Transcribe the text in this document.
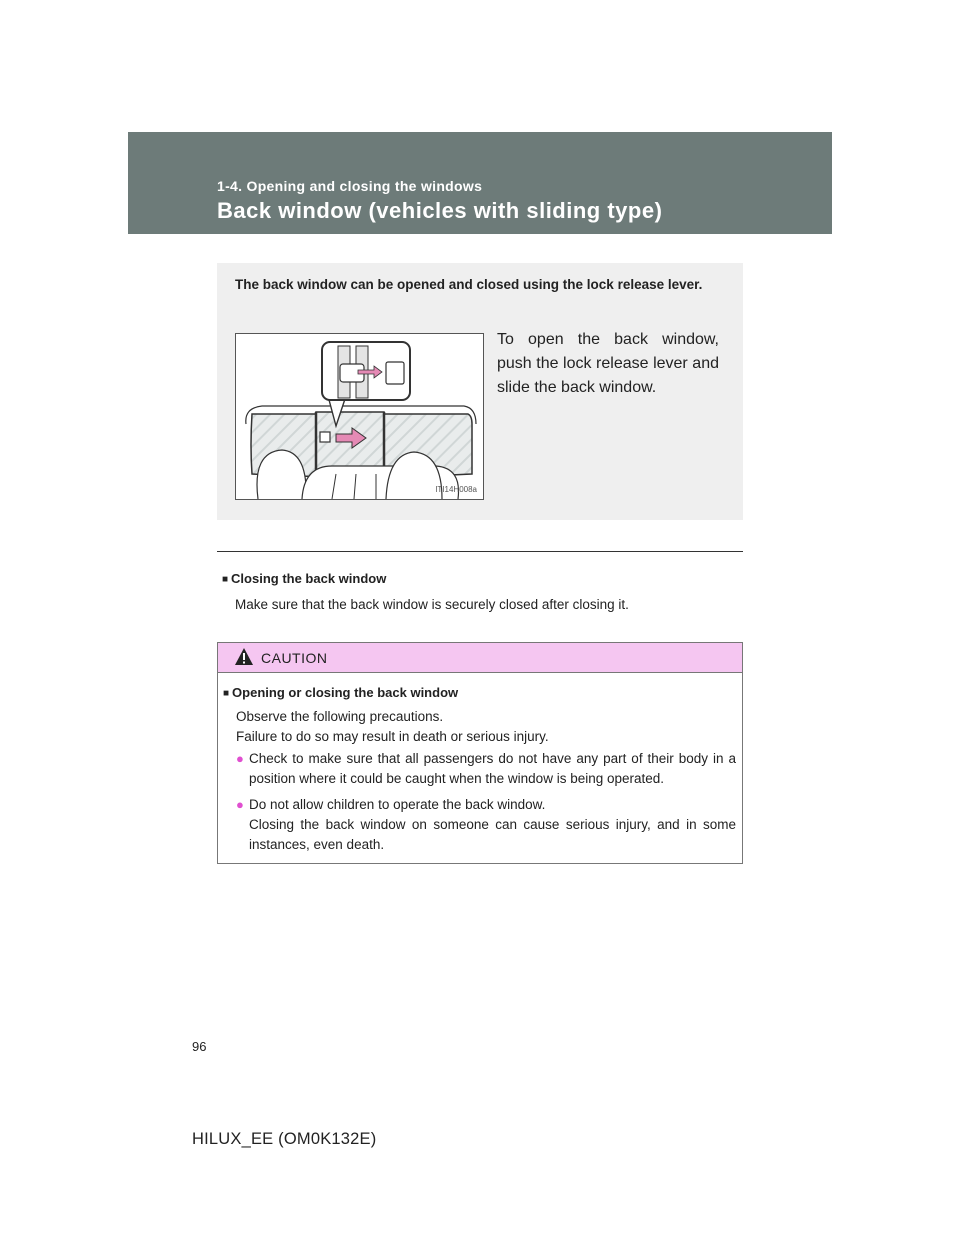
1-4. Opening and closing the windows
Back window (vehicles with sliding type)
The back window can be opened and closed using the lock release lever.
ITI14H008a
To open the back window, push the lock release lever and slide the back window.
■ Closing the back window
Make sure that the back window is securely closed after closing it.
CAUTION
■ Opening or closing the back window
Observe the following precautions.
Failure to do so may result in death or serious injury.
● Check to make sure that all passengers do not have any part of their body in a position where it could be caught when the window is being operated.
● Do not allow children to operate the back window.
Closing the back window on someone can cause serious injury, and in some instances, even death.
96
HILUX_EE (OM0K132E)
